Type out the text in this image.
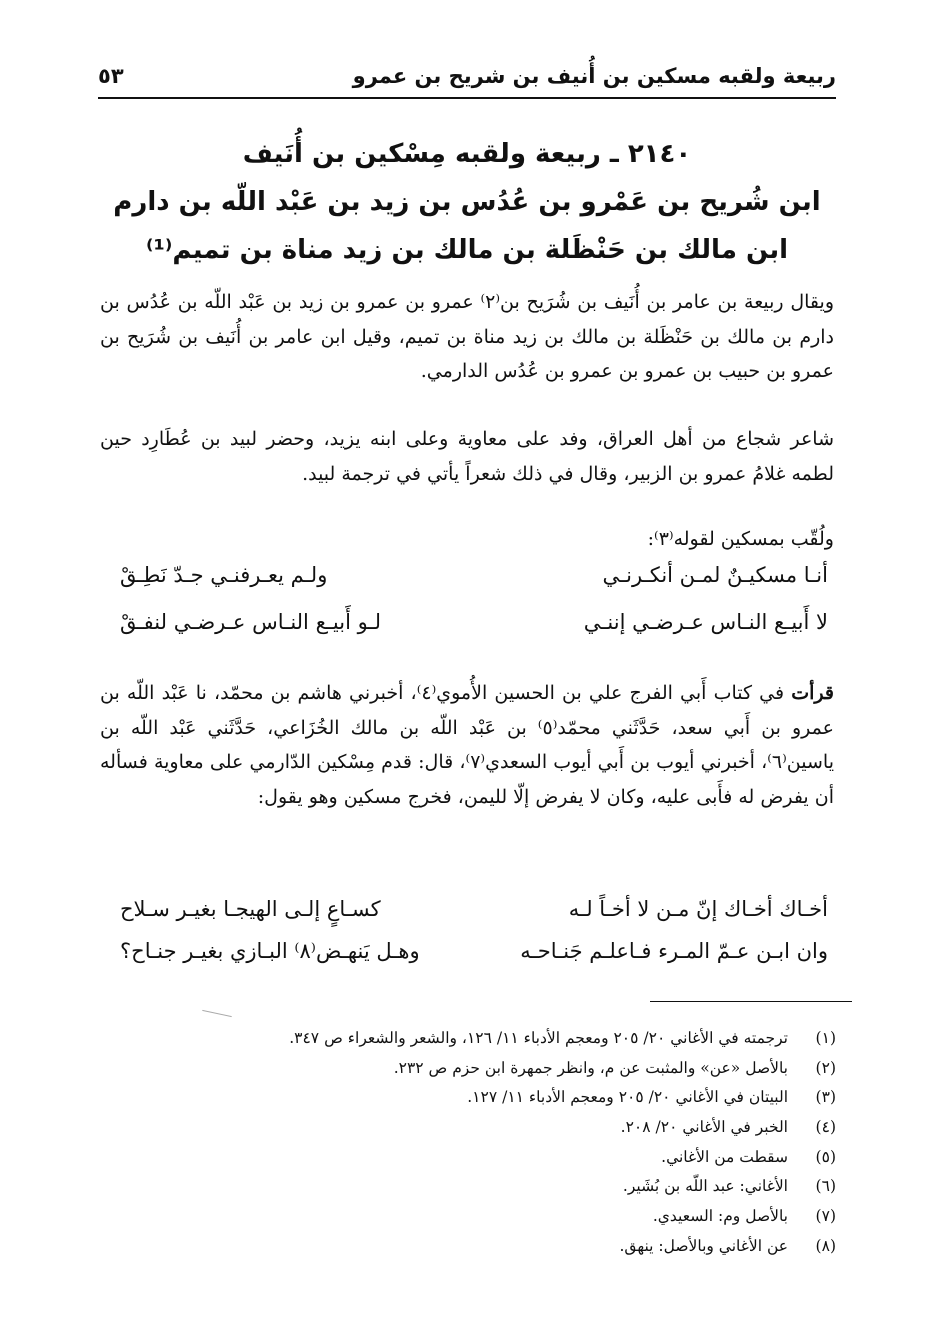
ربيعة ولقبه مسكين بن أُنيف بن شريح بن عمرو
٥٣
٢١٤٠ ـ ربيعة ولقبه مِسْكين بن أُنَيف
ابن شُريح بن عَمْرو بن عُدُس بن زيد بن عَبْد اللّه بن دارم
ابن مالك بن حَنْظَلة بن مالك بن زيد مناة بن تميم⁽¹⁾
ويقال ربيعة بن عامر بن أُنَيف بن شُرَيح بن⁽٢⁾ عمرو بن عمرو بن زيد بن عَبْد اللّه بن عُدُس بن دارم بن مالك بن حَنْظَلة بن مالك بن زيد مناة بن تميم، وقيل ابن عامر بن أُنَيف بن شُرَيح بن عمرو بن حبيب بن عمرو بن عمرو بن عُدُس الدارمي.
شاعر شجاع من أهل العراق، وفد على معاوية وعلى ابنه يزيد، وحضر لبيد بن عُطَارِد حين لطمه غلامُ عمرو بن الزبير، وقال في ذلك شعراً يأتي في ترجمة لبيد.
ولُقّب بمسكين لقوله⁽٣⁾:
أنـا مسكيـنٌ لمـن أنكـرنـي
ولـم يعـرفنـي جـدّ نَطِـقْ
لا أَبيـع النـاس عـرضـي إننـي
لـو أَبيـع النـاس عـرضـي لنفـقْ
قرأت في كتاب أَبي الفرج علي بن الحسين الأُموي⁽٤⁾، أخبرني هاشم بن محمّد، نا عَبْد اللّه بن عمرو بن أَبي سعد، حَدَّثَني محمّد⁽٥⁾ بن عَبْد اللّه بن مالك الخُزَاعي، حَدَّثَني عَبْد اللّه بن ياسين⁽٦⁾، أخبرني أيوب بن أَبي أيوب السعدي⁽٧⁾، قال: قدم مِسْكين الدّارمي على معاوية فسأله أن يفرض له فأَبى عليه، وكان لا يفرض إلّا لليمن، فخرج مسكين وهو يقول:
أخـاك أخـاك إنّ مـن لا أخـاً لـه
كسـاعٍ إلـى الهيجـا بغيـر سـلاح
وان ابـن عـمّ المـرء فـاعلـم جَنـاحـه
وهـل يَنهـض⁽٨⁾ البـازي بغيـر جنـاح؟
(١)
ترجمته في الأغاني ٢٠/ ٢٠٥ ومعجم الأدباء ١١/ ١٢٦، والشعر والشعراء ص ٣٤٧.
(٢)
بالأصل «عن» والمثبت عن م، وانظر جمهرة ابن حزم ص ٢٣٢.
(٣)
البيتان في الأغاني ٢٠/ ٢٠٥ ومعجم الأدباء ١١/ ١٢٧.
(٤)
الخبر في الأغاني ٢٠/ ٢٠٨.
(٥)
سقطت من الأغاني.
(٦)
الأغاني: عبد اللّه بن بُشَير.
(٧)
بالأصل وم: السعيدي.
(٨)
عن الأغاني وبالأصل: ينهق.
